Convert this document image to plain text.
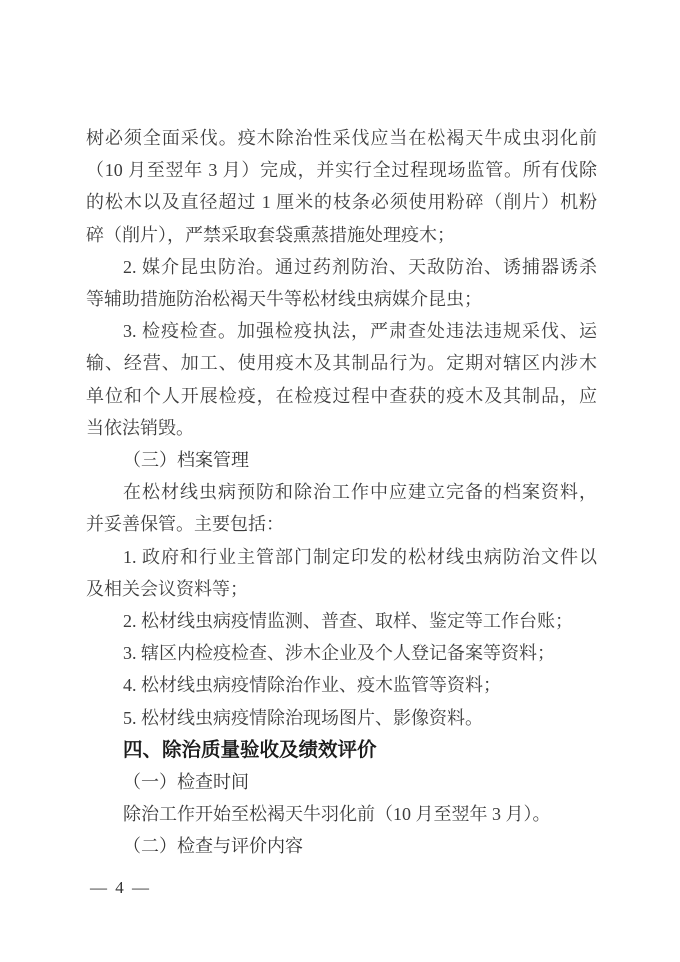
树必须全面采伐。疫木除治性采伐应当在松褐天牛成虫羽化前
（10 月至翌年 3 月）完成，并实行全过程现场监管。所有伐除
的松木以及直径超过 1 厘米的枝条必须使用粉碎（削片）机粉
碎（削片），严禁采取套袋熏蒸措施处理疫木；
2. 媒介昆虫防治。通过药剂防治、天敌防治、诱捕器诱杀
等辅助措施防治松褐天牛等松材线虫病媒介昆虫；
3. 检疫检查。加强检疫执法，严肃查处违法违规采伐、运
输、经营、加工、使用疫木及其制品行为。定期对辖区内涉木
单位和个人开展检疫，在检疫过程中查获的疫木及其制品，应
当依法销毁。
（三）档案管理
在松材线虫病预防和除治工作中应建立完备的档案资料，
并妥善保管。主要包括：
1. 政府和行业主管部门制定印发的松材线虫病防治文件以
及相关会议资料等；
2. 松材线虫病疫情监测、普查、取样、鉴定等工作台账；
3. 辖区内检疫检查、涉木企业及个人登记备案等资料；
4. 松材线虫病疫情除治作业、疫木监管等资料；
5. 松材线虫病疫情除治现场图片、影像资料。
四、除治质量验收及绩效评价
（一）检查时间
除治工作开始至松褐天牛羽化前（10 月至翌年 3 月）。
（二）检查与评价内容
— 4 —
